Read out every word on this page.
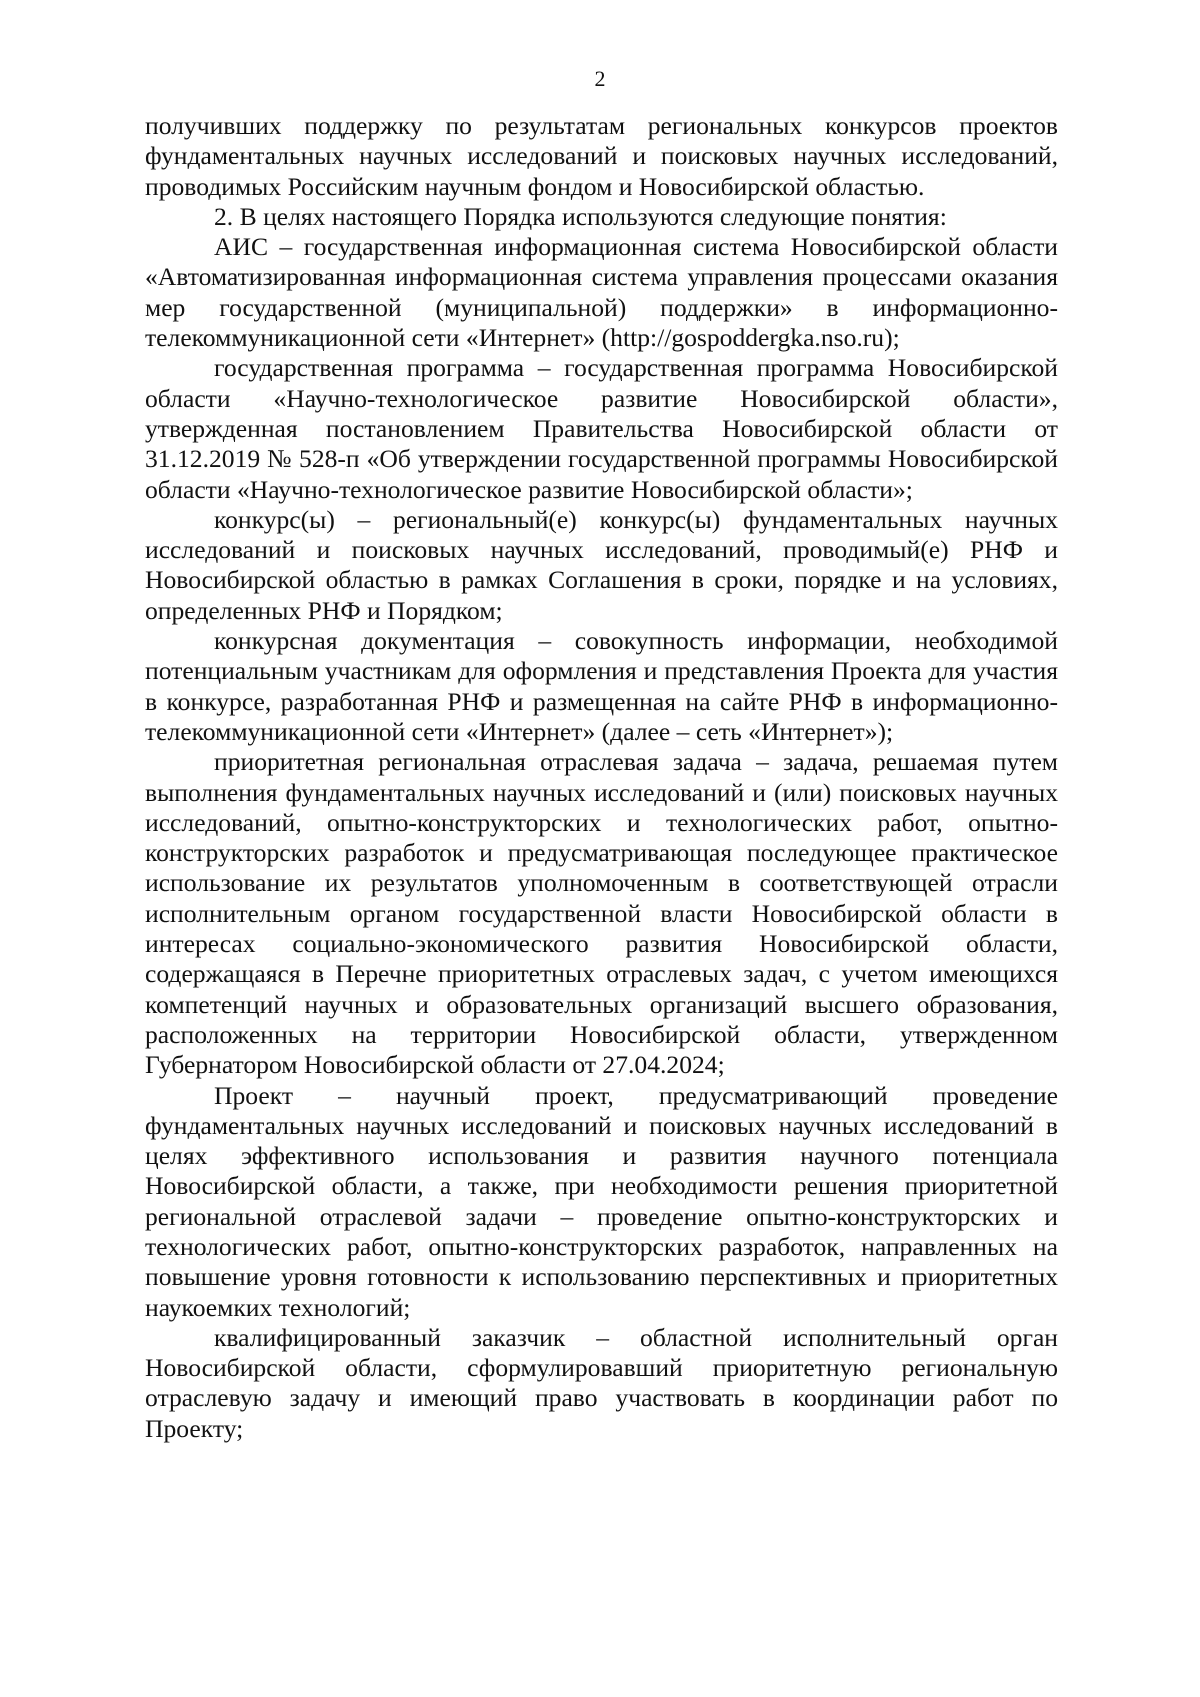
2

получивших поддержку по результатам региональных конкурсов проектов фундаментальных научных исследований и поисковых научных исследований, проводимых Российским научным фондом и Новосибирской областью.

2. В целях настоящего Порядка используются следующие понятия:

АИС – государственная информационная система Новосибирской области «Автоматизированная информационная система управления процессами оказания мер государственной (муниципальной) поддержки» в информационно-телекоммуникационной сети «Интернет» (http://gospoddergka.nso.ru);

государственная программа – государственная программа Новосибирской области «Научно-технологическое развитие Новосибирской области», утвержденная постановлением Правительства Новосибирской области от 31.12.2019 № 528-п «Об утверждении государственной программы Новосибирской области «Научно-технологическое развитие Новосибирской области»;

конкурс(ы) – региональный(е) конкурс(ы) фундаментальных научных исследований и поисковых научных исследований, проводимый(е) РНФ и Новосибирской областью в рамках Соглашения в сроки, порядке и на условиях, определенных РНФ и Порядком;

конкурсная документация – совокупность информации, необходимой потенциальным участникам для оформления и представления Проекта для участия в конкурсе, разработанная РНФ и размещенная на сайте РНФ в информационно-телекоммуникационной сети «Интернет» (далее – сеть «Интернет»);

приоритетная региональная отраслевая задача – задача, решаемая путем выполнения фундаментальных научных исследований и (или) поисковых научных исследований, опытно-конструкторских и технологических работ, опытно-конструкторских разработок и предусматривающая последующее практическое использование их результатов уполномоченным в соответствующей отрасли исполнительным органом государственной власти Новосибирской области в интересах социально-экономического развития Новосибирской области, содержащаяся в Перечне приоритетных отраслевых задач, с учетом имеющихся компетенций научных и образовательных организаций высшего образования, расположенных на территории Новосибирской области, утвержденном Губернатором Новосибирской области от 27.04.2024;

Проект – научный проект, предусматривающий проведение фундаментальных научных исследований и поисковых научных исследований в целях эффективного использования и развития научного потенциала Новосибирской области, а также, при необходимости решения приоритетной региональной отраслевой задачи – проведение опытно-конструкторских и технологических работ, опытно-конструкторских разработок, направленных на повышение уровня готовности к использованию перспективных и приоритетных наукоемких технологий;

квалифицированный заказчик – областной исполнительный орган Новосибирской области, сформулировавший приоритетную региональную отраслевую задачу и имеющий право участвовать в координации работ по Проекту;
